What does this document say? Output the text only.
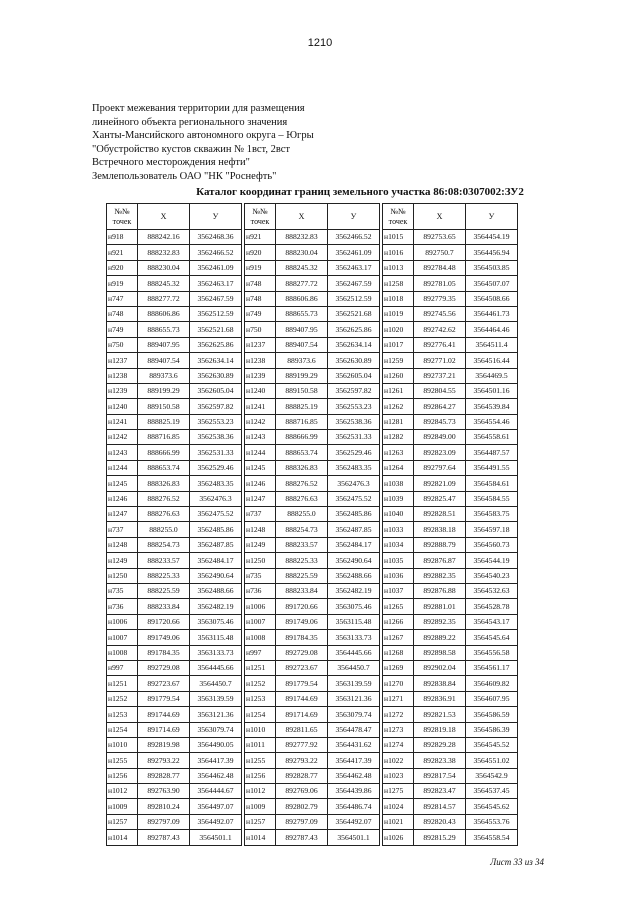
1210
Проект межевания территории для размещения
линейного объекта регионального значения
Ханты-Мансийского автономного округа – Югры
"Обустройство кустов скважин № 1вст, 2вст
Встречного месторождения нефти"
Землепользователь ОАО "НК "Роснефть"
Каталог координат границ земельного участка 86:08:0307002:ЗУ2
№№
точек	X	У
н918	888242.16	3562468.36
н921	888232.83	3562466.52
н920	888230.04	3562461.09
н919	888245.32	3562463.17
н747	888277.72	3562467.59
н748	888606.86	3562512.59
н749	888655.73	3562521.68
н750	889407.95	3562625.86
н1237	889407.54	3562634.14
н1238	889373.6	3562630.89
н1239	889199.29	3562605.04
н1240	889150.58	3562597.82
н1241	888825.19	3562553.23
н1242	888716.85	3562538.36
н1243	888666.99	3562531.33
н1244	888653.74	3562529.46
н1245	888326.83	3562483.35
н1246	888276.52	3562476.3
н1247	888276.63	3562475.52
н737	888255.0	3562485.86
н1248	888254.73	3562487.85
н1249	888233.57	3562484.17
н1250	888225.33	3562490.64
н735	888225.59	3562488.66
н736	888233.84	3562482.19
н1006	891720.66	3563075.46
н1007	891749.06	3563115.48
н1008	891784.35	3563133.73
н997	892729.08	3564445.66
н1251	892723.67	3564450.7
н1252	891779.54	3563139.59
н1253	891744.69	3563121.36
н1254	891714.69	3563079.74
н1010	892819.98	3564490.05
н1255	892793.22	3564417.39
н1256	892828.77	3564462.48
н1012	892763.90	3564444.67
н1009	892810.24	3564497.07
н1257	892797.09	3564492.07
н1014	892787.43	3564501.1
№№
точек	X	У
н921	888232.83	3562466.52
н920	888230.04	3562461.09
н919	888245.32	3562463.17
н748	888277.72	3562467.59
н748	888606.86	3562512.59
н749	888655.73	3562521.68
н750	889407.95	3562625.86
н1237	889407.54	3562634.14
н1238	889373.6	3562630.89
н1239	889199.29	3562605.04
н1240	889150.58	3562597.82
н1241	888825.19	3562553.23
н1242	888716.85	3562538.36
н1243	888666.99	3562531.33
н1244	888653.74	3562529.46
н1245	888326.83	3562483.35
н1246	888276.52	3562476.3
н1247	888276.63	3562475.52
н737	888255.0	3562485.86
н1248	888254.73	3562487.85
н1249	888233.57	3562484.17
н1250	888225.33	3562490.64
н735	888225.59	3562488.66
н736	888233.84	3562482.19
н1006	891720.66	3563075.46
н1007	891749.06	3563115.48
н1008	891784.35	3563133.73
н997	892729.08	3564445.66
н1251	892723.67	3564450.7
н1252	891779.54	3563139.59
н1253	891744.69	3563121.36
н1254	891714.69	3563079.74
н1010	892811.65	3564478.47
н1011	892777.92	3564431.62
н1255	892793.22	3564417.39
н1256	892828.77	3564462.48
н1012	892769.06	3564439.86
н1009	892802.79	3564486.74
н1257	892797.09	3564492.07
н1014	892787.43	3564501.1
№№
точек	X	У
н1015	892753.65	3564454.19
н1016	892750.7	3564456.94
н1013	892784.48	3564503.85
н1258	892781.05	3564507.07
н1018	892779.35	3564508.66
н1019	892745.56	3564461.73
н1020	892742.62	3564464.46
н1017	892776.41	3564511.4
н1259	892771.02	3564516.44
н1260	892737.21	3564469.5
н1261	892804.55	3564501.16
н1262	892864.27	3564539.84
н1281	892845.73	3564554.46
н1282	892849.00	3564558.61
н1263	892823.09	3564487.57
н1264	892797.64	3564491.55
н1038	892821.09	3564584.61
н1039	892825.47	3564584.55
н1040	892828.51	3564583.75
н1033	892838.18	3564597.18
н1034	892888.79	3564560.73
н1035	892876.87	3564544.19
н1036	892882.35	3564540.23
н1037	892876.88	3564532.63
н1265	892881.01	3564528.78
н1266	892892.35	3564543.17
н1267	892889.22	3564545.64
н1268	892898.58	3564556.58
н1269	892902.04	3564561.17
н1270	892838.84	3564609.82
н1271	892836.91	3564607.95
н1272	892821.53	3564586.59
н1273	892819.18	3564586.39
н1274	892829.28	3564545.52
н1022	892823.38	3564551.02
н1023	892817.54	3564542.9
н1275	892823.47	3564537.45
н1024	892814.57	3564545.62
н1021	892820.43	3564553.76
н1026	892815.29	3564558.54
Лист 33 из 34
